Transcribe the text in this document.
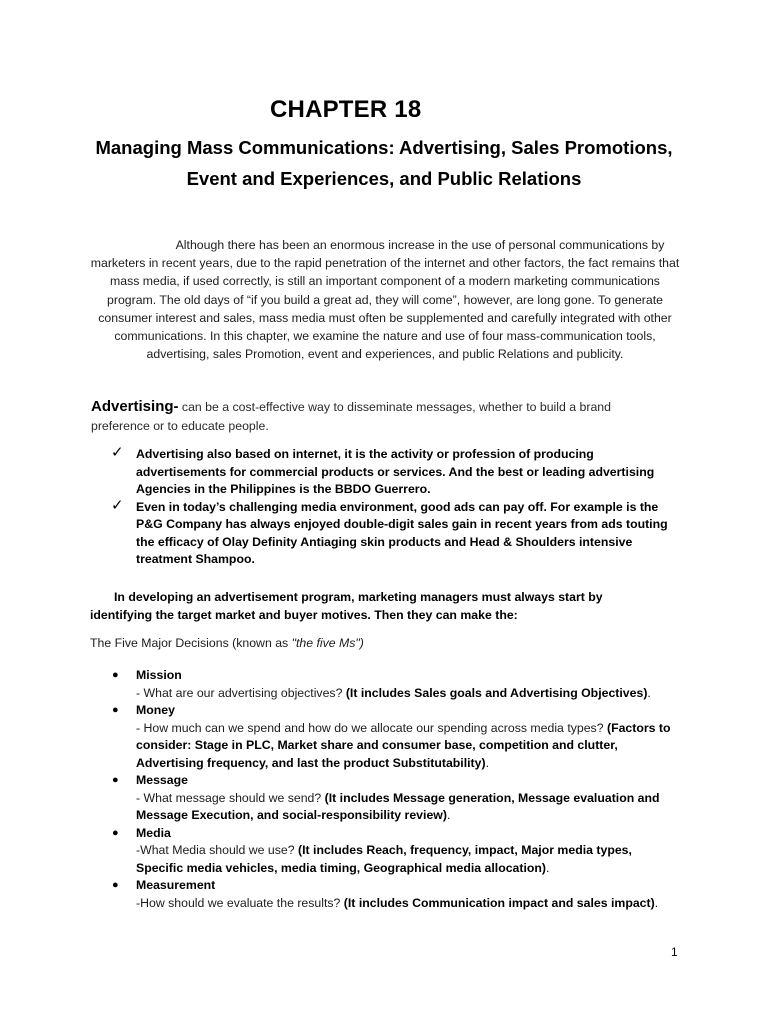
CHAPTER 18
Managing Mass Communications: Advertising, Sales Promotions, Event and Experiences, and Public Relations
Although there has been an enormous increase in the use of personal communications by marketers in recent years, due to the rapid penetration of the internet and other factors, the fact remains that mass media, if used correctly, is still an important component of a modern marketing communications program. The old days of “if you build a great ad, they will come”, however, are long gone. To generate consumer interest and sales, mass media must often be supplemented and carefully integrated with other communications. In this chapter, we examine the nature and use of four mass-communication tools, advertising, sales Promotion, event and experiences, and public Relations and publicity.
Advertising- can be a cost-effective way to disseminate messages, whether to build a brand preference or to educate people.
✓ Advertising also based on internet, it is the activity or profession of producing advertisements for commercial products or services. And the best or leading advertising Agencies in the Philippines is the BBDO Guerrero.
✓ Even in today’s challenging media environment, good ads can pay off. For example is the P&G Company has always enjoyed double-digit sales gain in recent years from ads touting the efficacy of Olay Definity Antiaging skin products and Head & Shoulders intensive treatment Shampoo.
In developing an advertisement program, marketing managers must always start by identifying the target market and buyer motives. Then they can make the:
The Five Major Decisions (known as "the five Ms")
● Mission
- What are our advertising objectives? (It includes Sales goals and Advertising Objectives).
● Money
- How much can we spend and how do we allocate our spending across media types? (Factors to consider: Stage in PLC, Market share and consumer base, competition and clutter, Advertising frequency, and last the product Substitutability).
● Message
- What message should we send? (It includes Message generation, Message evaluation and Message Execution, and social-responsibility review).
● Media
-What Media should we use? (It includes Reach, frequency, impact, Major media types, Specific media vehicles, media timing, Geographical media allocation).
● Measurement
-How should we evaluate the results? (It includes Communication impact and sales impact).
1
